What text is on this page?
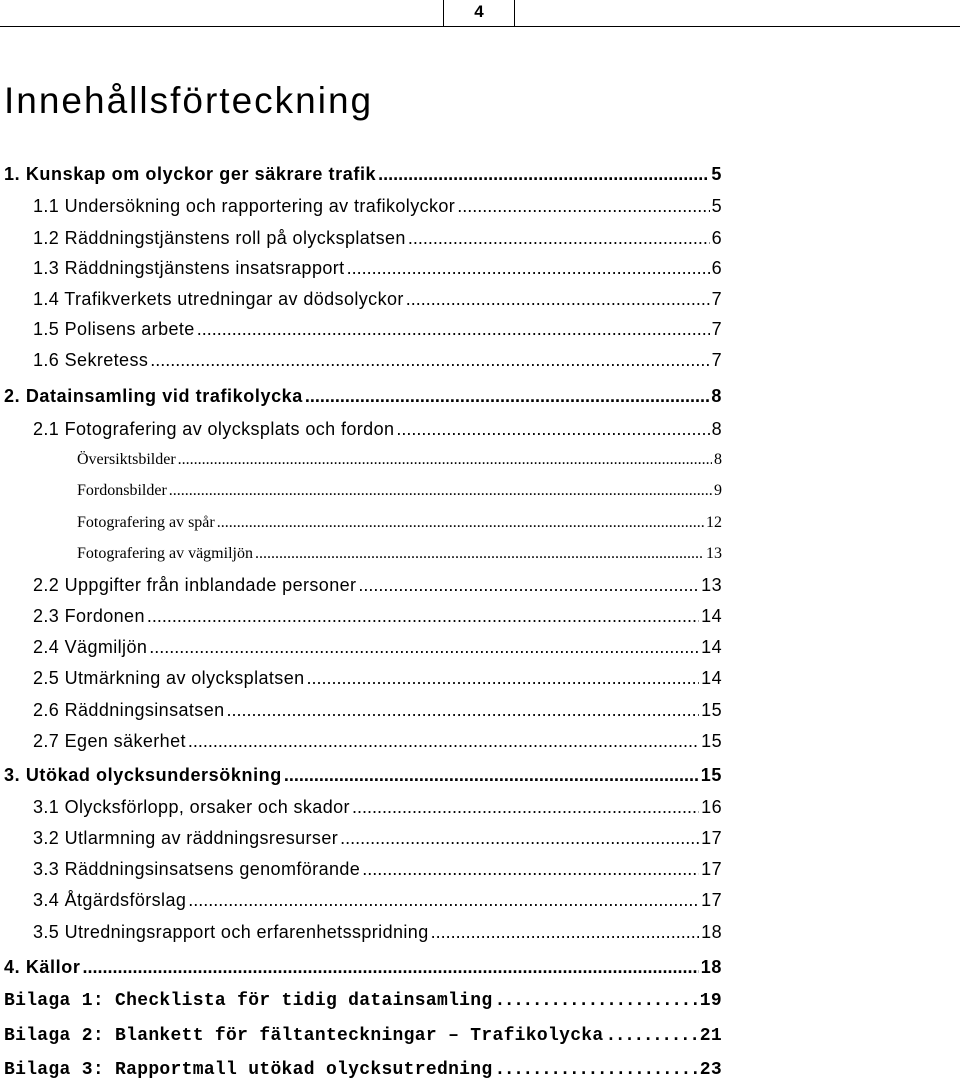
4
Innehållsförteckning
1. Kunskap om olyckor ger säkrare trafik .....	5
1.1 Undersökning och rapportering av trafikolyckor .....	5
1.2 Räddningstjänstens roll på olycksplatsen .....	6
1.3 Räddningstjänstens insatsrapport .....	6
1.4 Trafikverkets utredningar av dödsolyckor .....	7
1.5 Polisens arbete .....	7
1.6 Sekretess .....	7
2. Datainsamling vid trafikolycka .....	8
2.1 Fotografering av olycksplats och fordon .....	8
Översiktsbilder .....	8
Fordonsbilder .....	9
Fotografering av spår .....	12
Fotografering av vägmiljön .....	13
2.2 Uppgifter från inblandade personer .....	13
2.3 Fordonen .....	14
2.4 Vägmiljön .....	14
2.5 Utmärkning av olycksplatsen .....	14
2.6 Räddningsinsatsen .....	15
2.7 Egen säkerhet .....	15
3. Utökad olycksundersökning .....	15
3.1 Olycksförlopp, orsaker och skador .....	16
3.2 Utlarmning av räddningsresurser .....	17
3.3 Räddningsinsatsens genomförande .....	17
3.4 Åtgärdsförslag .....	17
3.5 Utredningsrapport och erfarenhetsspridning .....	18
4. Källor .....	18
Bilaga 1: Checklista för tidig datainsamling .....	19
Bilaga 2: Blankett för fältanteckningar – Trafikolycka .....	21
Bilaga 3: Rapportmall utökad olycksutredning .....	23
